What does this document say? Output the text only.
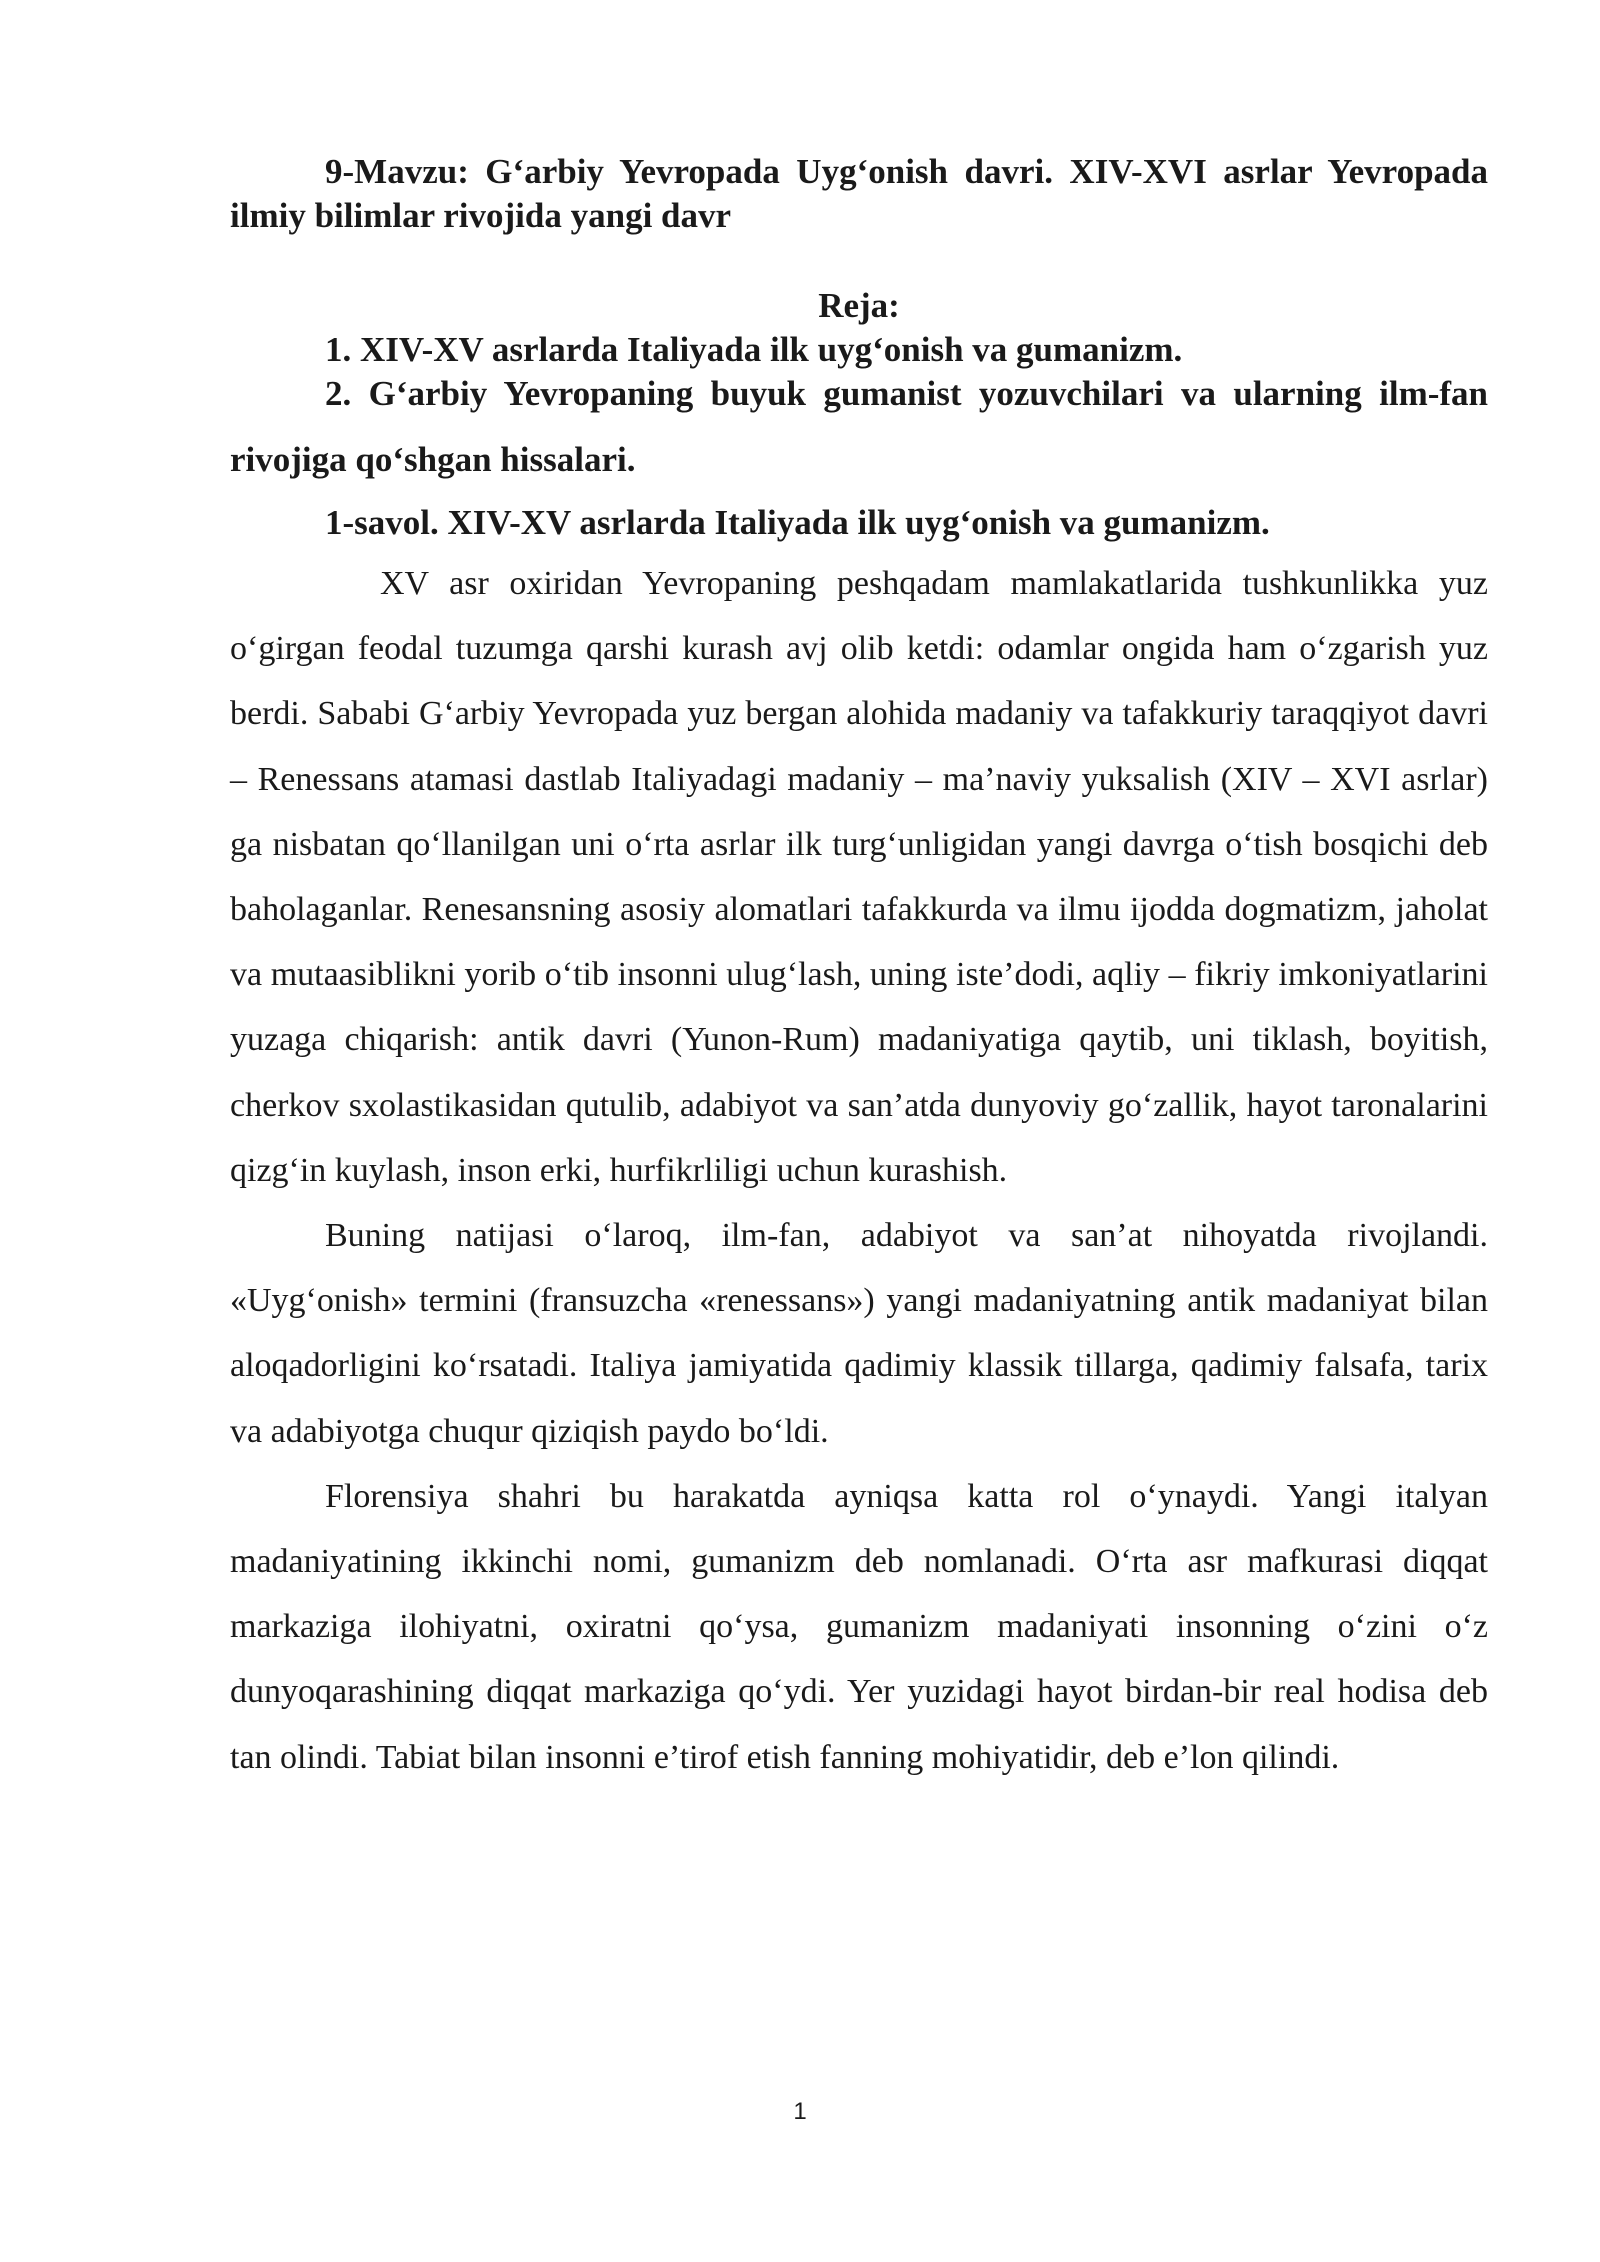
9-Mavzu: G‘arbiy Yevropada Uyg‘onish davri. XIV-XVI asrlar Yevropada ilmiy bilimlar rivojida yangi davr

Reja:

1. XIV-XV asrlarda Italiyada ilk uyg‘onish va gumanizm.

2. G‘arbiy Yevropaning buyuk gumanist yozuvchilari va ularning ilm-fan rivojiga qo‘shgan hissalari.

1-savol. XIV-XV asrlarda Italiyada ilk uyg‘onish va gumanizm.

XV asr oxiridan Yevropaning peshqadam mamlakatlarida tushkunlikka yuz o‘girgan feodal tuzumga qarshi kurash avj olib ketdi: odamlar ongida ham o‘zgarish yuz berdi. Sababi G‘arbiy Yevropada yuz bergan alohida madaniy va tafakkuriy taraqqiyot davri – Renessans atamasi dastlab Italiyadagi madaniy – ma’naviy yuksalish (XIV – XVI asrlar) ga nisbatan qo‘llanilgan uni o‘rta asrlar ilk turg‘unligidan yangi davrga o‘tish bosqichi deb baholaganlar. Renesansning asosiy alomatlari tafakkurda va ilmu ijodda dogmatizm, jaholat va mutaasiblikni yorib o‘tib insonni ulug‘lash, uning iste’dodi, aqliy – fikriy imkoniyatlarini yuzaga chiqarish: antik davri (Yunon-Rum) madaniyatiga qaytib, uni tiklash, boyitish, cherkov sxolastikasidan qutulib, adabiyot va san’atda dunyoviy go‘zallik, hayot taronalarini qizg‘in kuylash, inson erki, hurfikrliligi uchun kurashish.

Buning natijasi o‘laroq, ilm-fan, adabiyot va san’at nihoyatda rivojlandi. «Uyg‘onish» termini (fransuzcha «renessans») yangi madaniyatning antik madaniyat bilan aloqadorligini ko‘rsatadi. Italiya jamiyatida qadimiy klassik tillarga, qadimiy falsafa, tarix va adabiyotga chuqur qiziqish paydo bo‘ldi.

Florensiya shahri bu harakatda ayniqsa katta rol o‘ynaydi. Yangi italyan madaniyatining ikkinchi nomi, gumanizm deb nomlanadi. O‘rta asr mafkurasi diqqat markaziga ilohiyatni, oxiratni qo‘ysa, gumanizm madaniyati insonning o‘zini o‘z dunyoqarashining diqqat markaziga qo‘ydi. Yer yuzidagi hayot birdan-bir real hodisa deb tan olindi. Tabiat bilan insonni e’tirof etish fanning mohiyatidir, deb e’lon qilindi.

1
